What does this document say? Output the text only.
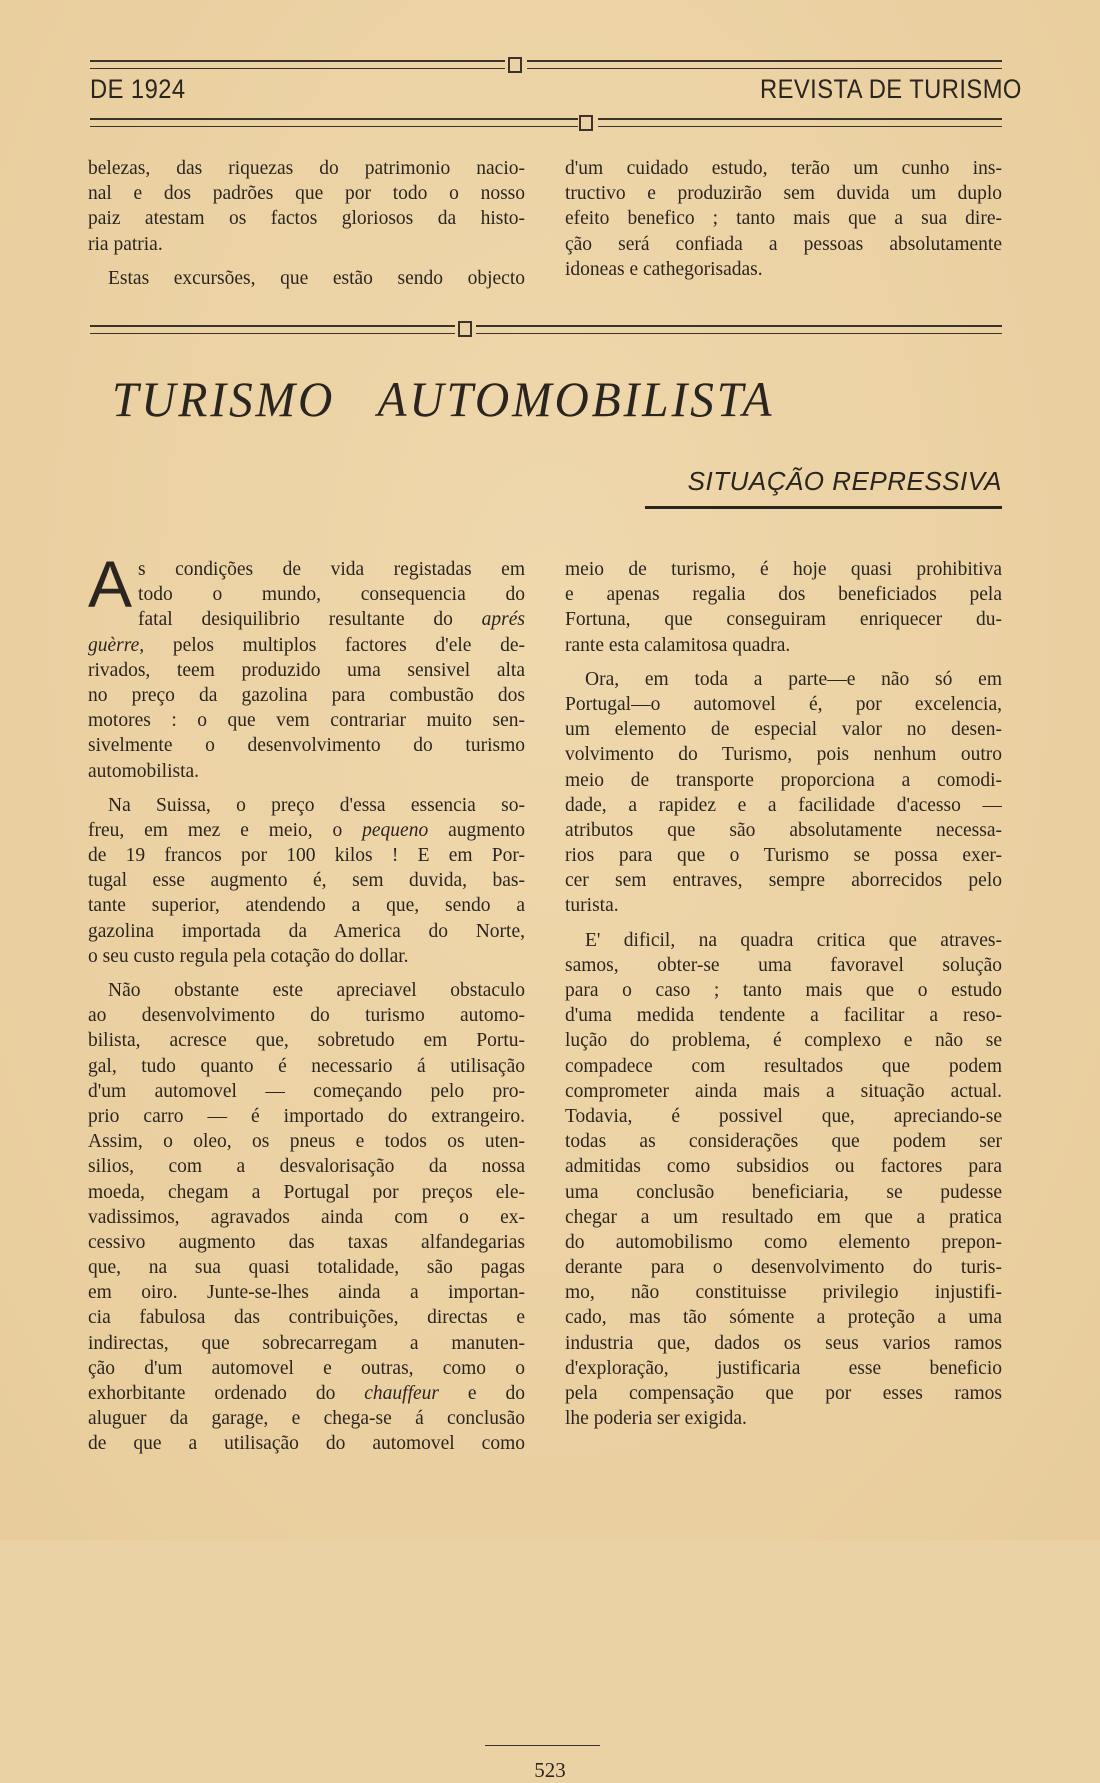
DE 1924	REVISTA DE TURISMO
belezas, das riquezas do patrimonio nacio-
nal e dos padrões que por todo o nosso
paiz atestam os factos gloriosos da histo-
ria patria.
Estas excursões, que estão sendo objecto
d'um cuidado estudo, terão um cunho ins-
tructivo e produzirão sem duvida um duplo
efeito benefico ; tanto mais que a sua dire-
ção será confiada a pessoas absolutamente
idoneas e cathegorisadas.
TURISMO AUTOMOBILISTA
SITUAÇÃO REPRESSIVA
A s condições de vida registadas em
todo o mundo, consequencia do
fatal desiquilibrio resultante do aprés
guèrre, pelos multiplos factores d'ele de-
rivados, teem produzido uma sensivel alta
no preço da gazolina para combustão dos
motores : o que vem contrariar muito sen-
sivelmente o desenvolvimento do turismo
automobilista.
Na Suissa, o preço d'essa essencia so-
freu, em mez e meio, o pequeno augmento
de 19 francos por 100 kilos ! E em Por-
tugal esse augmento é, sem duvida, bas-
tante superior, atendendo a que, sendo a
gazolina importada da America do Norte,
o seu custo regula pela cotação do dollar.
Não obstante este apreciavel obstaculo
ao desenvolvimento do turismo automo-
bilista, acresce que, sobretudo em Portu-
gal, tudo quanto é necessario á utilisação
d'um automovel — começando pelo pro-
prio carro — é importado do extrangeiro.
Assim, o oleo, os pneus e todos os uten-
silios, com a desvalorisação da nossa
moeda, chegam a Portugal por preços ele-
vadissimos, agravados ainda com o ex-
cessivo augmento das taxas alfandegarias
que, na sua quasi totalidade, são pagas
em oiro. Junte-se-lhes ainda a importan-
cia fabulosa das contribuições, directas e
indirectas, que sobrecarregam a manuten-
ção d'um automovel e outras, como o
exhorbitante ordenado do chauffeur e do
aluguer da garage, e chega-se á conclusão
de que a utilisação do automovel como
meio de turismo, é hoje quasi prohibitiva
e apenas regalia dos beneficiados pela
Fortuna, que conseguiram enriquecer du-
rante esta calamitosa quadra.
Ora, em toda a parte—e não só em
Portugal—o automovel é, por excelencia,
um elemento de especial valor no desen-
volvimento do Turismo, pois nenhum outro
meio de transporte proporciona a comodi-
dade, a rapidez e a facilidade d'acesso —
atributos que são absolutamente necessa-
rios para que o Turismo se possa exer-
cer sem entraves, sempre aborrecidos pelo
turista.
E' dificil, na quadra critica que atraves-
samos, obter-se uma favoravel solução
para o caso ; tanto mais que o estudo
d'uma medida tendente a facilitar a reso-
lução do problema, é complexo e não se
compadece com resultados que podem
comprometer ainda mais a situação actual.
Todavia, é possivel que, apreciando-se
todas as considerações que podem ser
admitidas como subsidios ou factores para
uma conclusão beneficiaria, se pudesse
chegar a um resultado em que a pratica
do automobilismo como elemento prepon-
derante para o desenvolvimento do turis-
mo, não constituisse privilegio injustifi-
cado, mas tão sómente a proteção a uma
industria que, dados os seus varios ramos
d'exploração, justificaria esse beneficio
pela compensação que por esses ramos
lhe poderia ser exigida.
523
